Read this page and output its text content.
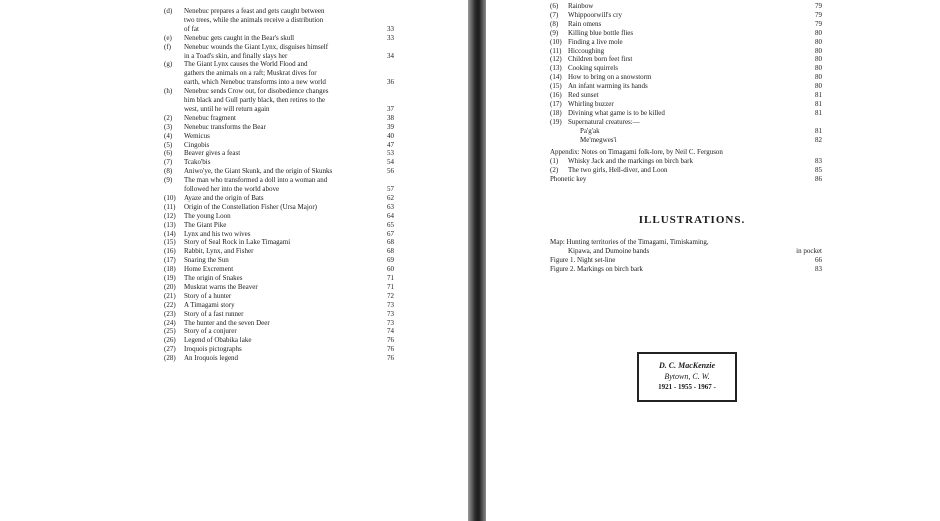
(d) Nenebuc prepares a feast and gets caught between
two trees, while the animals receive a distribution
of fat	33
(e) Nenebuc gets caught in the Bear's skull	33
(f) Nenebuc wounds the Giant Lynx, disguises himself
in a Toad's skin, and finally slays her	34
(g) The Giant Lynx causes the World Flood and
gathers the animals on a raft; Muskrat dives for
earth, which Nenebuc transforms into a new world	36
(h) Nenebuc sends Crow out, for disobedience changes
him black and Gull partly black, then retires to the
west, until he will return again	37
(2) Nenebuc fragment	38
(3) Nenebuc transforms the Bear	39
(4) Wemicus	40
(5) Cingobis	47
(6) Beaver gives a feast	53
(7) Tcako'bis	54
(8) Aniwo'ye, the Giant Skunk, and the origin of Skunks	56
(9) The man who transformed a doll into a woman and
followed her into the world above	57
(10) Ayaze and the origin of Bats	62
(11) Origin of the Constellation Fisher (Ursa Major)	63
(12) The young Loon	64
(13) The Giant Pike	65
(14) Lynx and his two wives	67
(15) Story of Seal Rock in Lake Timagami	68
(16) Rabbit, Lynx, and Fisher	68
(17) Snaring the Sun	69
(18) Home Excrement	60
(19) The origin of Snakes	71
(20) Muskrat warns the Beaver	71
(21) Story of a hunter	72
(22) A Timagami story	73
(23) Story of a fast runner	73
(24) The hunter and the seven Deer	73
(25) Story of a conjurer	74
(26) Legend of Obabika lake	76
(27) Iroquois pictographs	76
(28) An Iroquois legend	76
(6) Rainbow	79
(7) Whippoorwill's cry	79
(8) Rain omens	79
(9) Killing blue bottle flies	80
(10) Finding a live mole	80
(11) Hiccoughing	80
(12) Children born feet first	80
(13) Cooking squirrels	80
(14) How to bring on a snowstorm	80
(15) An infant warming its hands	80
(16) Red sunset	81
(17) Whirling buzzer	81
(18) Divining what game is to be killed	81
(19) Supernatural creatures:—
Pa'g'ak	81
Me'megwes'i	82
Appendix: Notes on Timagami folk-lore, by Neil C. Ferguson
(1) Whisky Jack and the markings on birch bark	83
(2) The two girls, Hell-diver, and Loon	85
Phonetic key	86
Map: Hunting territories of the Timagami, Timiskaming,
Kipawa, and Dumoine bands	in pocket
Figure 1. Night set-line	66
Figure 2. Markings on birch bark	83
ILLUSTRATIONS.
D. C. MacKenzie
Bytown, C. W.
1921 - 1955 - 1967 -
